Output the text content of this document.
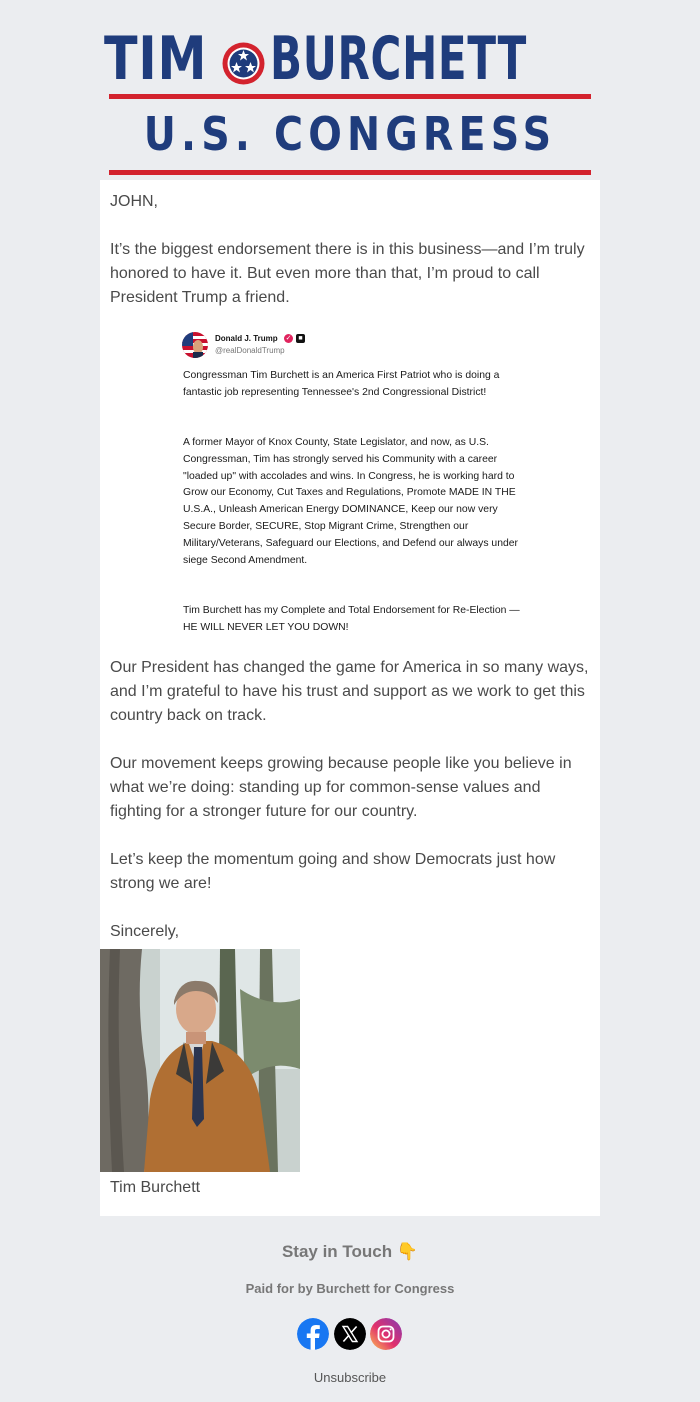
TIM BURCHETT
U.S. CONGRESS
JOHN,
It’s the biggest endorsement there is in this business—and I’m truly honored to have it. But even more than that, I’m proud to call President Trump a friend.
Donald J. Trump ✓ ■
@realDonaldTrump
Congressman Tim Burchett is an America First Patriot who is doing a fantastic job representing Tennessee's 2nd Congressional District!
A former Mayor of Knox County, State Legislator, and now, as U.S. Congressman, Tim has strongly served his Community with a career "loaded up" with accolades and wins. In Congress, he is working hard to Grow our Economy, Cut Taxes and Regulations, Promote MADE IN THE U.S.A., Unleash American Energy DOMINANCE, Keep our now very Secure Border, SECURE, Stop Migrant Crime, Strengthen our Military/Veterans, Safeguard our Elections, and Defend our always under siege Second Amendment.
Tim Burchett has my Complete and Total Endorsement for Re-Election — HE WILL NEVER LET YOU DOWN!
Our President has changed the game for America in so many ways, and I’m grateful to have his trust and support as we work to get this country back on track.
Our movement keeps growing because people like you believe in what we’re doing: standing up for common-sense values and fighting for a stronger future for our country.
Let’s keep the momentum going and show Democrats just how strong we are!
Sincerely,
Tim Burchett
Stay in Touch 👇
Paid for by Burchett for Congress
Unsubscribe
